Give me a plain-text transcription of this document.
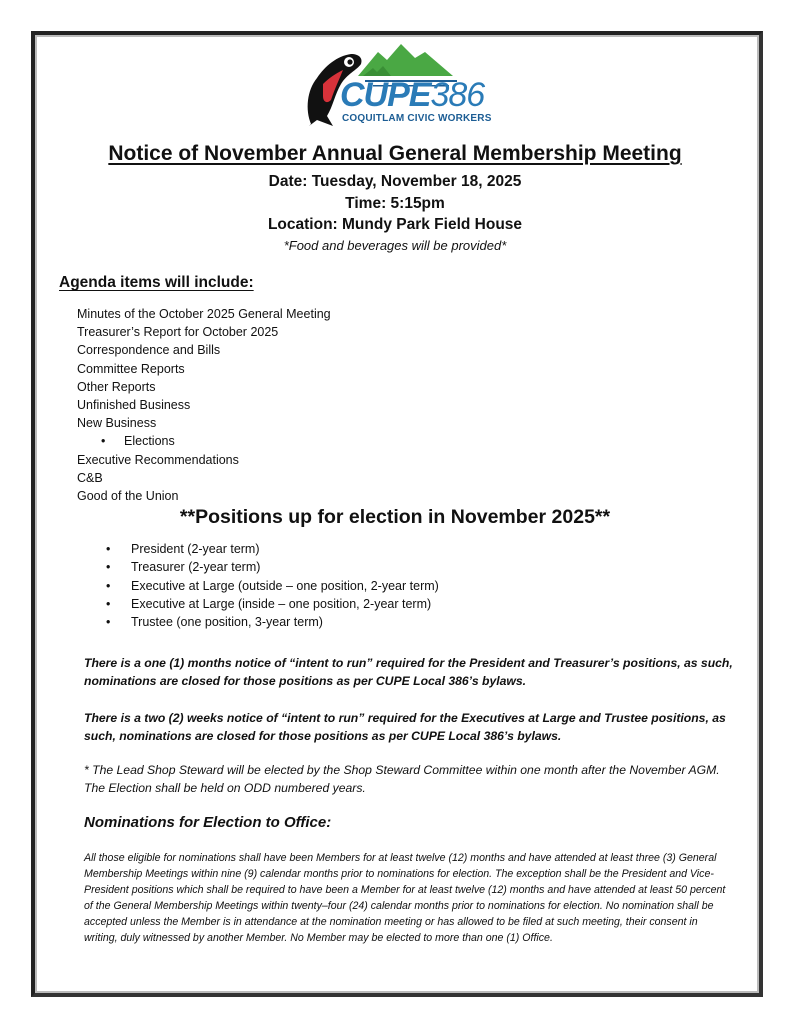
CUPE386
COQUITLAM CIVIC WORKERS
Notice of November Annual General Membership Meeting
Date: Tuesday, November 18, 2025
Time: 5:15pm
Location: Mundy Park Field House
*Food and beverages will be provided*
Agenda items will include:
Minutes of the October 2025 General Meeting
Treasurer’s Report for October 2025
Correspondence and Bills
Committee Reports
Other Reports
Unfinished Business
New Business
• Elections
Executive Recommendations
C&B
Good of the Union
**Positions up for election in November 2025**
• President (2-year term)
• Treasurer (2-year term)
• Executive at Large (outside – one position, 2-year term)
• Executive at Large (inside – one position, 2-year term)
• Trustee (one position, 3-year term)
There is a one (1) months notice of “intent to run” required for the President and Treasurer’s positions, as such, nominations are closed for those positions as per CUPE Local 386’s bylaws.
There is a two (2) weeks notice of “intent to run” required for the Executives at Large and Trustee positions, as such, nominations are closed for those positions as per CUPE Local 386’s bylaws.
* The Lead Shop Steward will be elected by the Shop Steward Committee within one month after the November AGM. The Election shall be held on ODD numbered years.
Nominations for Election to Office:
All those eligible for nominations shall have been Members for at least twelve (12) months and have attended at least three (3) General Membership Meetings within nine (9) calendar months prior to nominations for election. The exception shall be the President and Vice-President positions which shall be required to have been a Member for at least twelve (12) months and have attended at least 50 percent of the General Membership Meetings within twenty–four (24) calendar months prior to nominations for election. No nomination shall be accepted unless the Member is in attendance at the nomination meeting or has allowed to be filed at such meeting, their consent in writing, duly witnessed by another Member. No Member may be elected to more than one (1) Office.
